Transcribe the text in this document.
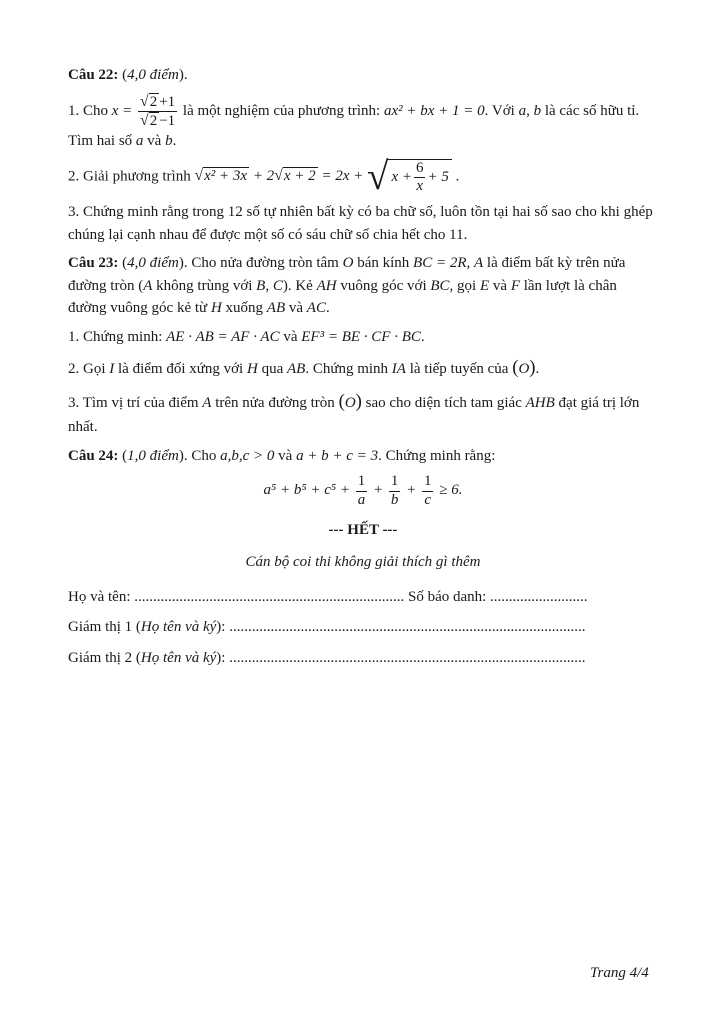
Câu 22: (4,0 điểm).

1. Cho $x = \frac{√2 +1}{√2 -1}$ là một nghiệm của phương trình: ax² + bx + 1 = 0. Với a, b là các số hữu tỉ. Tìm hai số a và b.

2. Giải phương trình √x² + 3x + 2√x + 2 = 2x + √ $x + \frac{6}{x} + 5$ .

3. Chứng minh rằng trong 12 số tự nhiên bất kỳ có ba chữ số, luôn tồn tại hai số sao cho khi ghép chúng lại cạnh nhau để được một số có sáu chữ số chia hết cho 11.

Câu 23: (4,0 điểm). Cho nửa đường tròn tâm O bán kính BC = 2R, A là điểm bất kỳ trên nửa đường tròn (A không trùng với B, C). Kẻ AH vuông góc với BC, gọi E và F lần lượt là chân đường vuông góc kẻ từ H xuống AB và AC.

1. Chứng minh: AE · AB = AF · AC và EF³ = BE · CF · BC.

2. Gọi I là điểm đối xứng với H qua AB. Chứng minh IA là tiếp tuyến của (O).

3. Tìm vị trí của điểm A trên nửa đường tròn (O) sao cho diện tích tam giác AHB đạt giá trị lớn nhất.

Câu 24: (1,0 điểm). Cho a,b,c > 0 và a + b + c = 3. Chứng minh rằng:

$a^5 + b^5 + c^5 + \frac{1}{a} + \frac{1}{b} + \frac{1}{c} \ge 6$.
--- HẾT ---
Cán bộ coi thi không giải thích gì thêm
Họ và tên: ........................................................................ Số báo danh: ..........................
Giám thị 1 (Họ tên và ký): ...............................................................................................
Giám thị 2 (Họ tên và ký): ...............................................................................................
Trang 4/4
